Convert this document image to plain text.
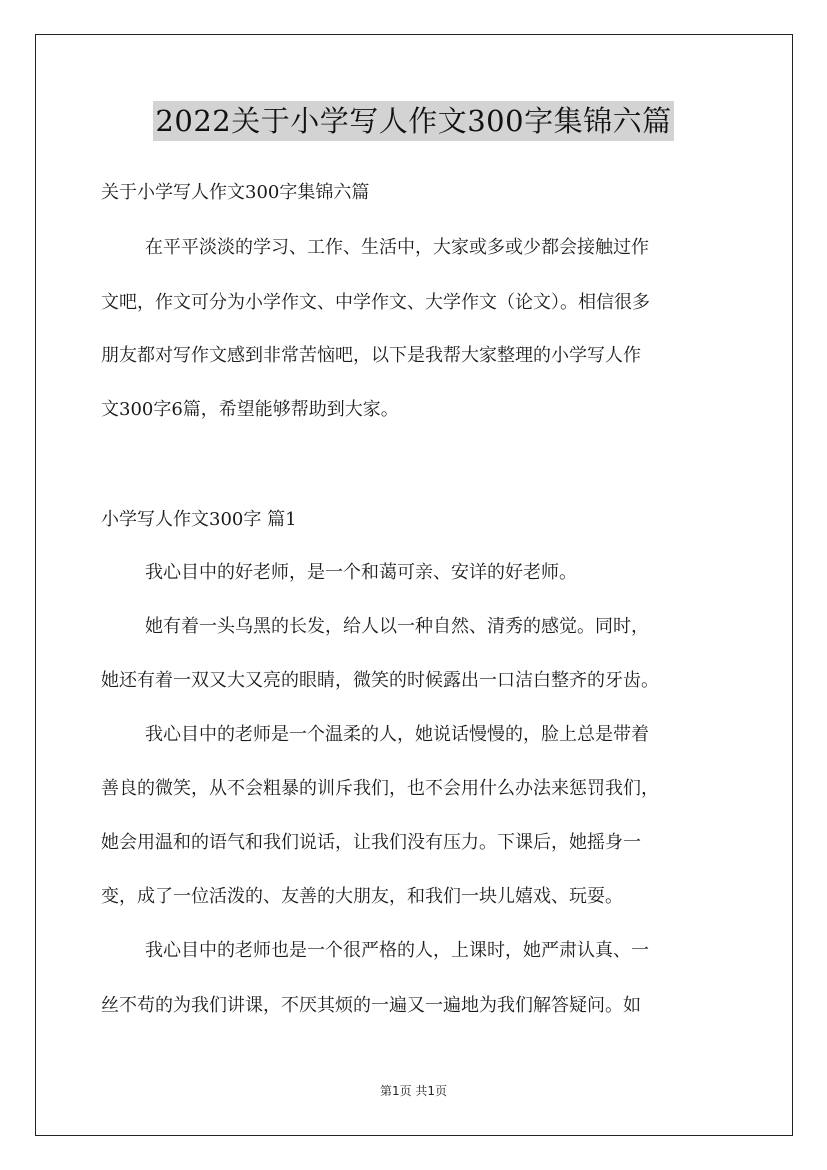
2022关于小学写人作文300字集锦六篇
关于小学写人作文300字集锦六篇
在平平淡淡的学习、工作、生活中，大家或多或少都会接触过作
文吧，作文可分为小学作文、中学作文、大学作文（论文）。相信很多
朋友都对写作文感到非常苦恼吧，以下是我帮大家整理的小学写人作
文300字6篇，希望能够帮助到大家。
小学写人作文300字 篇1
我心目中的好老师，是一个和蔼可亲、安详的好老师。
她有着一头乌黑的长发，给人以一种自然、清秀的感觉。同时，
她还有着一双又大又亮的眼睛，微笑的时候露出一口洁白整齐的牙齿。
我心目中的老师是一个温柔的人，她说话慢慢的，脸上总是带着
善良的微笑，从不会粗暴的训斥我们，也不会用什么办法来惩罚我们，
她会用温和的语气和我们说话，让我们没有压力。下课后，她摇身一
变，成了一位活泼的、友善的大朋友，和我们一块儿嬉戏、玩耍。
我心目中的老师也是一个很严格的人，上课时，她严肃认真、一
丝不苟的为我们讲课，不厌其烦的一遍又一遍地为我们解答疑问。如
第1页 共1页
